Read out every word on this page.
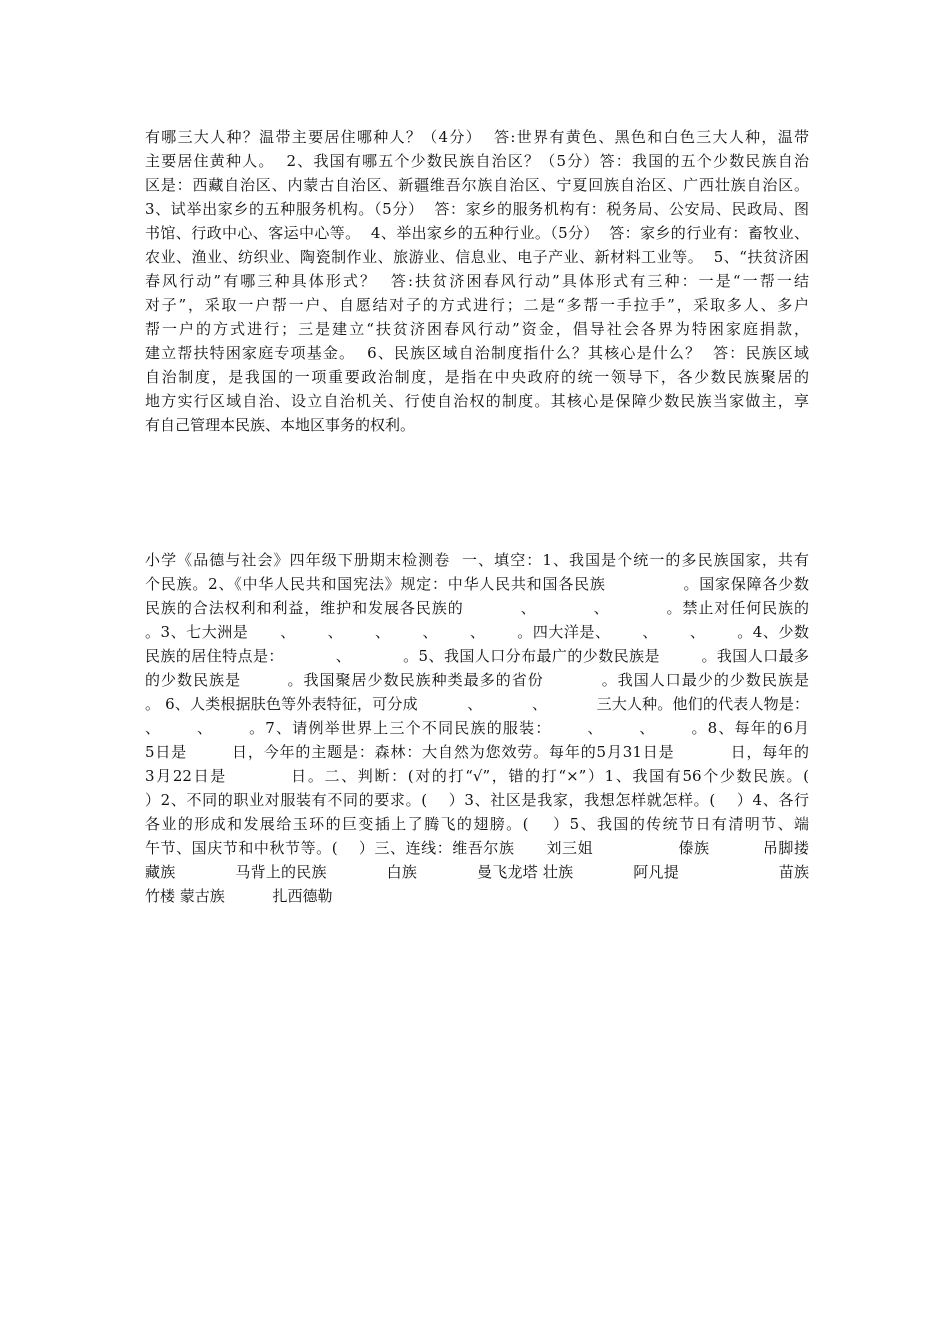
有哪三大人种？温带主要居住哪种人？（4分）  答:世界有黄色、黑色和白色三大人种，温带
主要居住黄种人。  2、我国有哪五个少数民族自治区？（5分）答：我国的五个少数民族自治
区是：西藏自治区、内蒙古自治区、新疆维吾尔族自治区、宁夏回族自治区、广西壮族自治区。
3、试举出家乡的五种服务机构。（5分）  答：家乡的服务机构有：税务局、公安局、民政局、图
书馆、行政中心、客运中心等。  4、举出家乡的五种行业。（5分）  答：家乡的行业有：畜牧业、
农业、渔业、纺织业、陶瓷制作业、旅游业、信息业、电子产业、新材料工业等。  5、“扶贫济困
春风行动”有哪三种具体形式？  答:扶贫济困春风行动”具体形式有三种：一是“一帮一结
对子”，采取一户帮一户、自愿结对子的方式进行；二是“多帮一手拉手”，采取多人、多户
帮一户的方式进行；三是建立“扶贫济困春风行动”资金，倡导社会各界为特困家庭捐款，
建立帮扶特困家庭专项基金。  6、民族区域自治制度指什么？其核心是什么？  答：民族区域
自治制度，是我国的一项重要政治制度，是指在中央政府的统一领导下，各少数民族聚居的
地方实行区域自治、设立自治机关、行使自治权的制度。其核心是保障少数民族当家做主，享
有自己管理本民族、本地区事务的权利。
小学《品德与社会》四年级下册期末检测卷  一、填空：1、我国是个统一的多民族国家，共有
个民族。2、《中华人民共和国宪法》规定：中华人民共和国各民族              。国家保障各少数
民族的合法权利和利益，维护和发展各民族的          、          、          。禁止对任何民族的
。3、七大洲是      、      、      、      、      、      。四大洋是、      、      、      。4、少数
民族的居住特点是：          、          。5、我国人口分布最广的少数民族是        。我国人口最多
的少数民族是        。我国聚居少数民族种类最多的省份          。我国人口最少的少数民族是
。 6、人类根据肤色等外表特征，可分成          、          、          三大人种。他们的代表人物是：
、      、      。7、请例举世界上三个不同民族的服装：      、      、      。8、每年的6月
5日是        日，今年的主题是：森林：大自然为您效劳。每年的5月31日是          日，每年的
3月22日是          日。二、判断：(对的打“√”，错的打“×”）1、我国有56个少数民族。(
）2、不同的职业对服装有不同的要求。(    ）3、社区是我家，我想怎样就怎样。(    ）4、各行
各业的形成和发展给玉环的巨变插上了腾飞的翅膀。(    ）5、我国的传统节日有清明节、端
午节、国庆节和中秋节等。(    ）三、连线：维吾尔族      刘三姐                傣族          吊脚搂
藏族            马背上的民族            白族            曼飞龙塔 壮族            阿凡提                    苗族
竹楼 蒙古族          扎西德勒
